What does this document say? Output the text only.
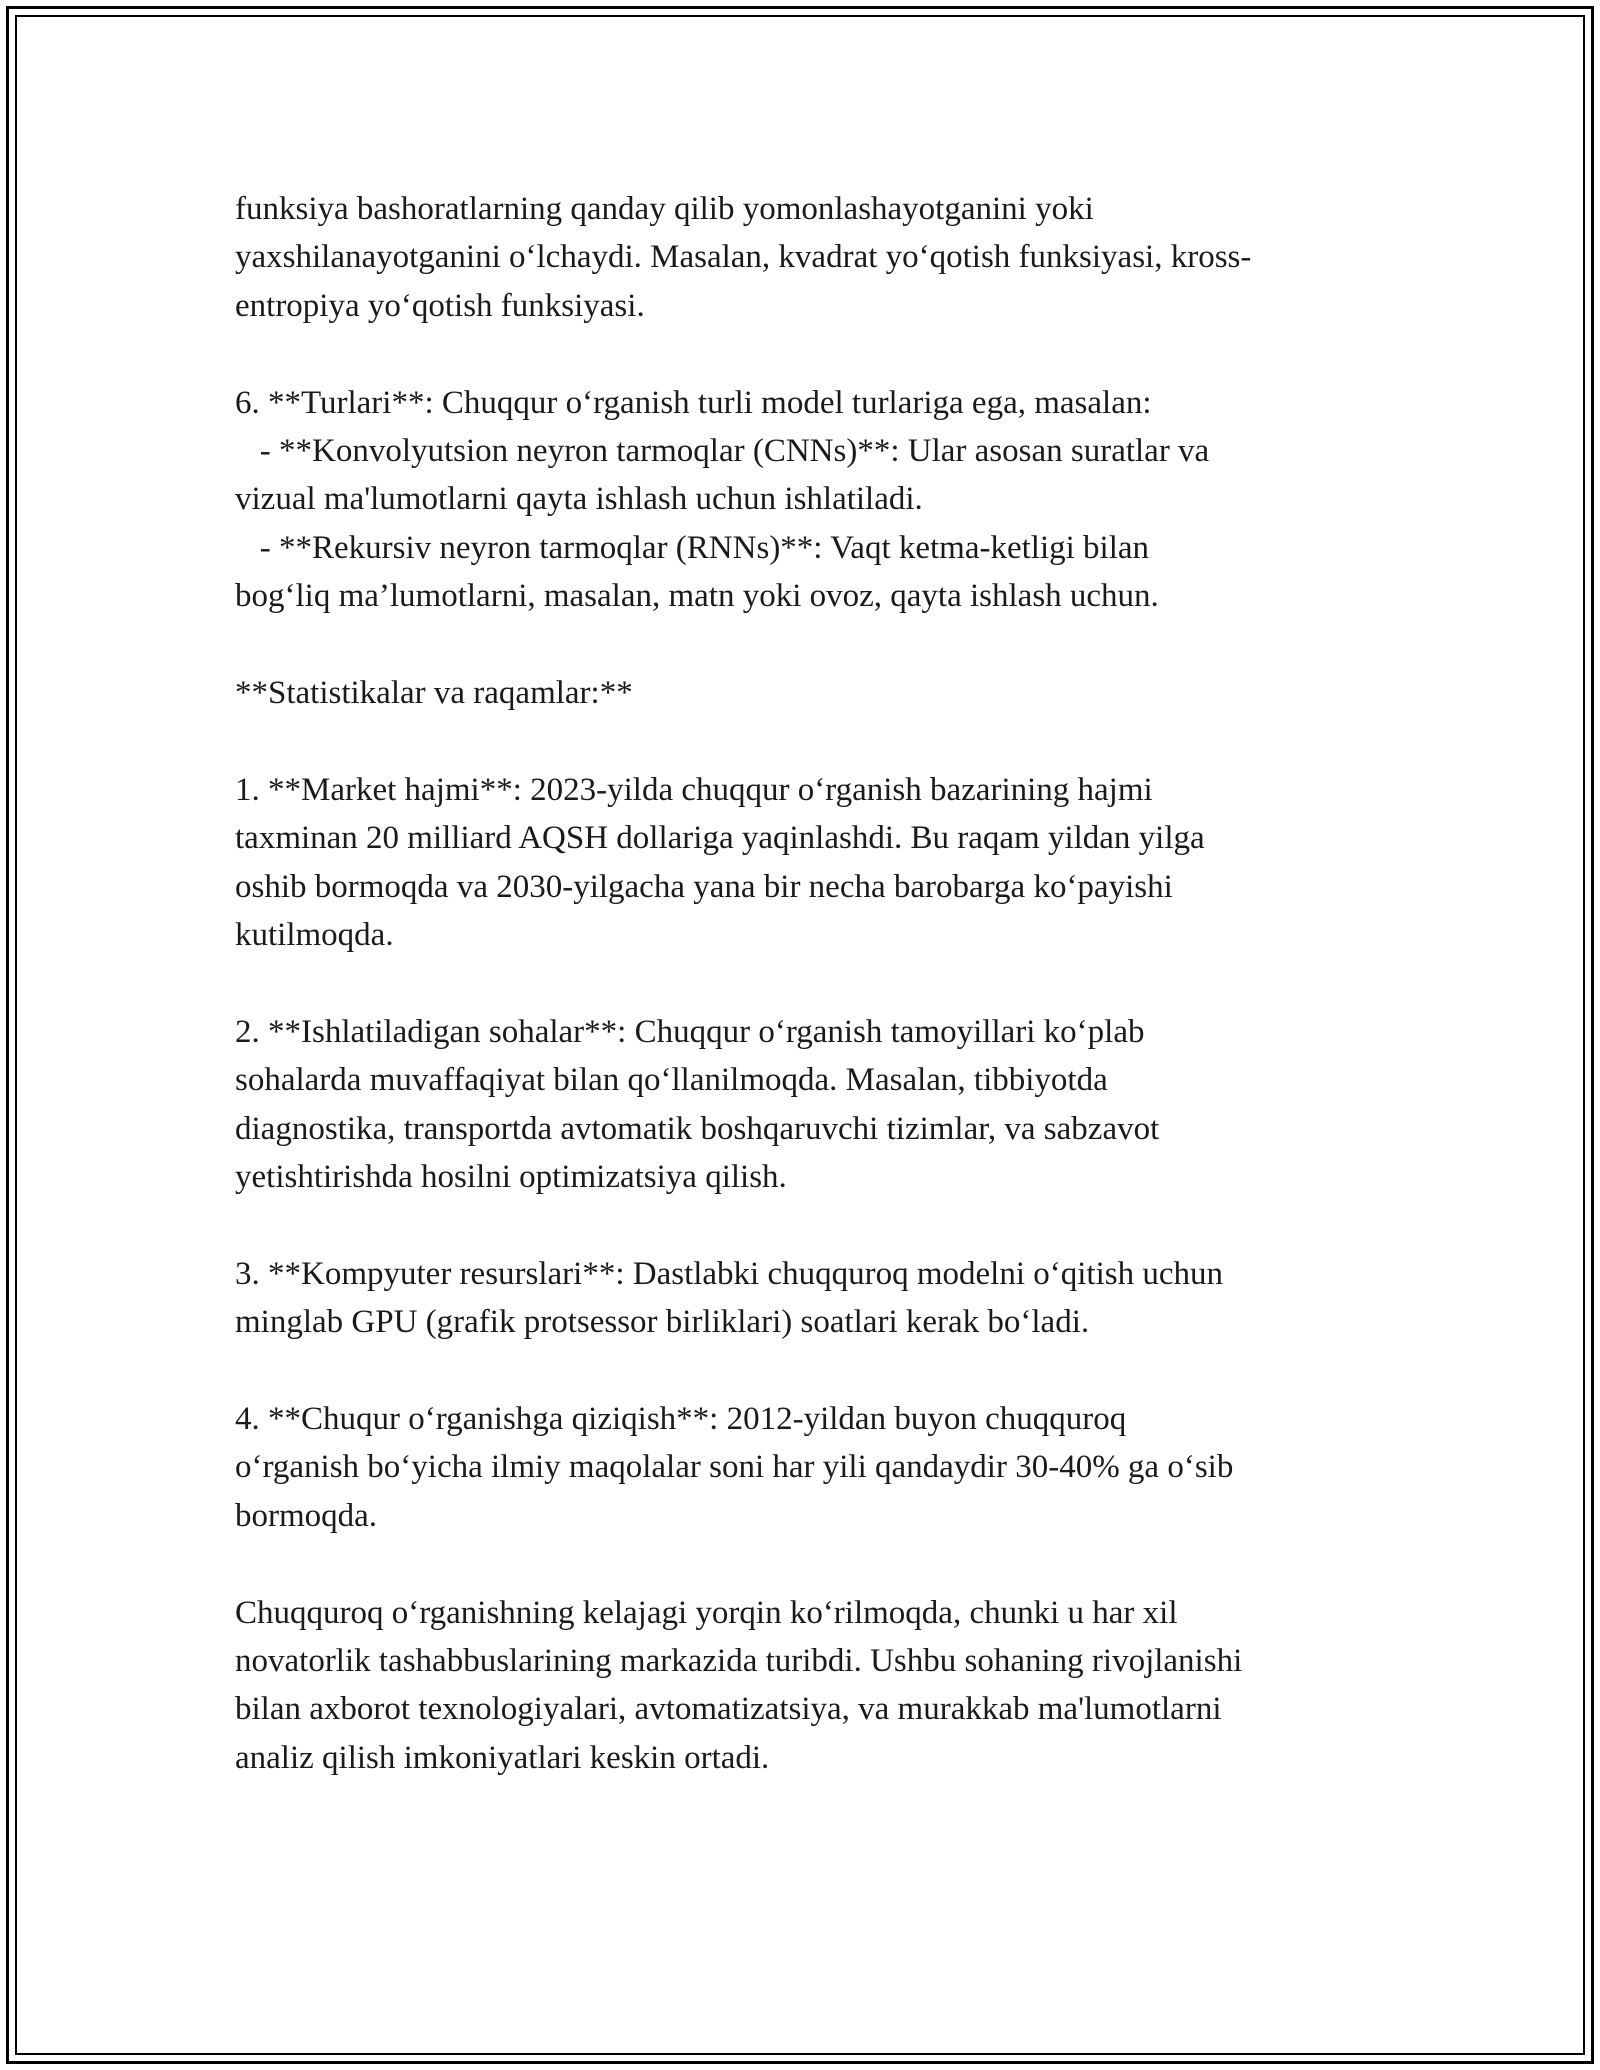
funksiya bashoratlarning qanday qilib yomonlashayotganini yoki
yaxshilanayotganini o‘lchaydi. Masalan, kvadrat yo‘qotish funksiyasi, kross-
entropiya yo‘qotish funksiyasi.

6. **Turlari**: Chuqqur o‘rganish turli model turlariga ega, masalan:
- **Konvolyutsion neyron tarmoqlar (CNNs)**: Ular asosan suratlar va
vizual ma'lumotlarni qayta ishlash uchun ishlatiladi.
- **Rekursiv neyron tarmoqlar (RNNs)**: Vaqt ketma-ketligi bilan
bog‘liq ma’lumotlarni, masalan, matn yoki ovoz, qayta ishlash uchun.

**Statistikalar va raqamlar:**

1. **Market hajmi**: 2023-yilda chuqqur o‘rganish bazarining hajmi
taxminan 20 milliard AQSH dollariga yaqinlashdi. Bu raqam yildan yilga
oshib bormoqda va 2030-yilgacha yana bir necha barobarga ko‘payishi
kutilmoqda.

2. **Ishlatiladigan sohalar**: Chuqqur o‘rganish tamoyillari ko‘plab
sohalarda muvaffaqiyat bilan qo‘llanilmoqda. Masalan, tibbiyotda
diagnostika, transportda avtomatik boshqaruvchi tizimlar, va sabzavot
yetishtirishda hosilni optimizatsiya qilish.

3. **Kompyuter resurslari**: Dastlabki chuqquroq modelni o‘qitish uchun
minglab GPU (grafik protsessor birliklari) soatlari kerak bo‘ladi.

4. **Chuqur o‘rganishga qiziqish**: 2012-yildan buyon chuqquroq
o‘rganish bo‘yicha ilmiy maqolalar soni har yili qandaydir 30-40% ga o‘sib
bormoqda.

Chuqquroq o‘rganishning kelajagi yorqin ko‘rilmoqda, chunki u har xil
novatorlik tashabbuslarining markazida turibdi. Ushbu sohaning rivojlanishi
bilan axborot texnologiyalari, avtomatizatsiya, va murakkab ma'lumotlarni
analiz qilish imkoniyatlari keskin ortadi.
